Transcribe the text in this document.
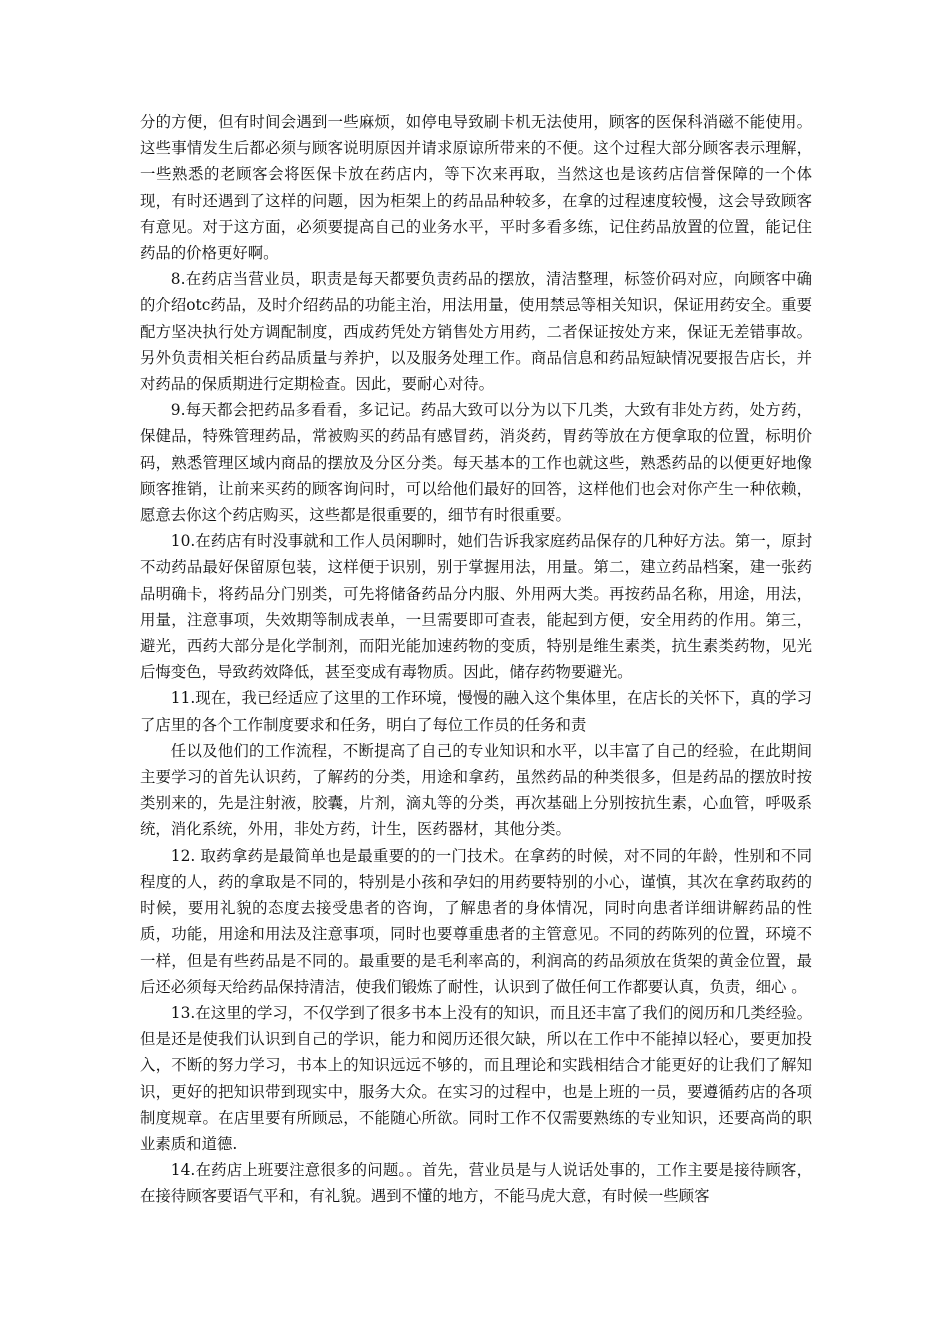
分的方便，但有时间会遇到一些麻烦，如停电导致刷卡机无法使用，顾客的医保科消磁不能使用。这些事情发生后都必须与顾客说明原因并请求原谅所带来的不便。这个过程大部分顾客表示理解，一些熟悉的老顾客会将医保卡放在药店内，等下次来再取，当然这也是该药店信誉保障的一个体现，有时还遇到了这样的问题，因为柜架上的药品品种较多，在拿的过程速度较慢，这会导致顾客有意见。对于这方面，必须要提高自己的业务水平，平时多看多练，记住药品放置的位置，能记住药品的价格更好啊。

8.在药店当营业员，职责是每天都要负责药品的摆放，清洁整理，标签价码对应，向顾客中确的介绍otc药品，及时介绍药品的功能主治，用法用量，使用禁忌等相关知识，保证用药安全。重要配方坚决执行处方调配制度，西成药凭处方销售处方用药，二者保证按处方来，保证无差错事故。另外负责相关柜台药品质量与养护，以及服务处理工作。商品信息和药品短缺情况要报告店长，并对药品的保质期进行定期检查。因此，要耐心对待。

9.每天都会把药品多看看，多记记。药品大致可以分为以下几类，大致有非处方药，处方药，保健品，特殊管理药品，常被购买的药品有感冒药，消炎药，胃药等放在方便拿取的位置，标明价码，熟悉管理区域内商品的摆放及分区分类。每天基本的工作也就这些，熟悉药品的以便更好地像顾客推销，让前来买药的顾客询问时，可以给他们最好的回答，这样他们也会对你产生一种依赖，愿意去你这个药店购买，这些都是很重要的，细节有时很重要。

10.在药店有时没事就和工作人员闲聊时，她们告诉我家庭药品保存的几种好方法。第一，原封不动药品最好保留原包装，这样便于识别，别于掌握用法，用量。第二，建立药品档案，建一张药品明确卡，将药品分门别类，可先将储备药品分内服、外用两大类。再按药品名称，用途，用法，用量，注意事项，失效期等制成表单，一旦需要即可查表，能起到方便，安全用药的作用。第三，避光，西药大部分是化学制剂，而阳光能加速药物的变质，特别是维生素类，抗生素类药物，见光后悔变色，导致药效降低，甚至变成有毒物质。因此，储存药物要避光。

11.现在，我已经适应了这里的工作环境，慢慢的融入这个集体里，在店长的关怀下，真的学习了店里的各个工作制度要求和任务，明白了每位工作员的任务和责

任以及他们的工作流程，不断提高了自己的专业知识和水平，以丰富了自己的经验，在此期间主要学习的首先认识药，了解药的分类，用途和拿药，虽然药品的种类很多，但是药品的摆放时按类别来的，先是注射液，胶囊，片剂，滴丸等的分类，再次基础上分别按抗生素，心血管，呼吸系统，消化系统，外用，非处方药，计生，医药器材，其他分类。

12. 取药拿药是最简单也是最重要的的一门技术。在拿药的时候，对不同的年龄，性别和不同程度的人，药的拿取是不同的，特别是小孩和孕妇的用药要特别的小心，谨慎，其次在拿药取药的时候，要用礼貌的态度去接受患者的咨询，了解患者的身体情况，同时向患者详细讲解药品的性质，功能，用途和用法及注意事项，同时也要尊重患者的主管意见。不同的药陈列的位置，环境不一样，但是有些药品是不同的。最重要的是毛利率高的，利润高的药品须放在货架的黄金位置，最后还必须每天给药品保持清洁，使我们锻炼了耐性，认识到了做任何工作都要认真，负责，细心 。

13.在这里的学习，不仅学到了很多书本上没有的知识，而且还丰富了我们的阅历和几类经验。但是还是使我们认识到自己的学识，能力和阅历还很欠缺，所以在工作中不能掉以轻心，要更加投入，不断的努力学习，书本上的知识远远不够的，而且理论和实践相结合才能更好的让我们了解知识，更好的把知识带到现实中，服务大众。在实习的过程中，也是上班的一员，要遵循药店的各项制度规章。在店里要有所顾忌，不能随心所欲。同时工作不仅需要熟练的专业知识，还要高尚的职业素质和道德.

14.在药店上班要注意很多的问题。。首先，营业员是与人说话处事的，工作主要是接待顾客，在接待顾客要语气平和，有礼貌。遇到不懂的地方，不能马虎大意，有时候一些顾客
